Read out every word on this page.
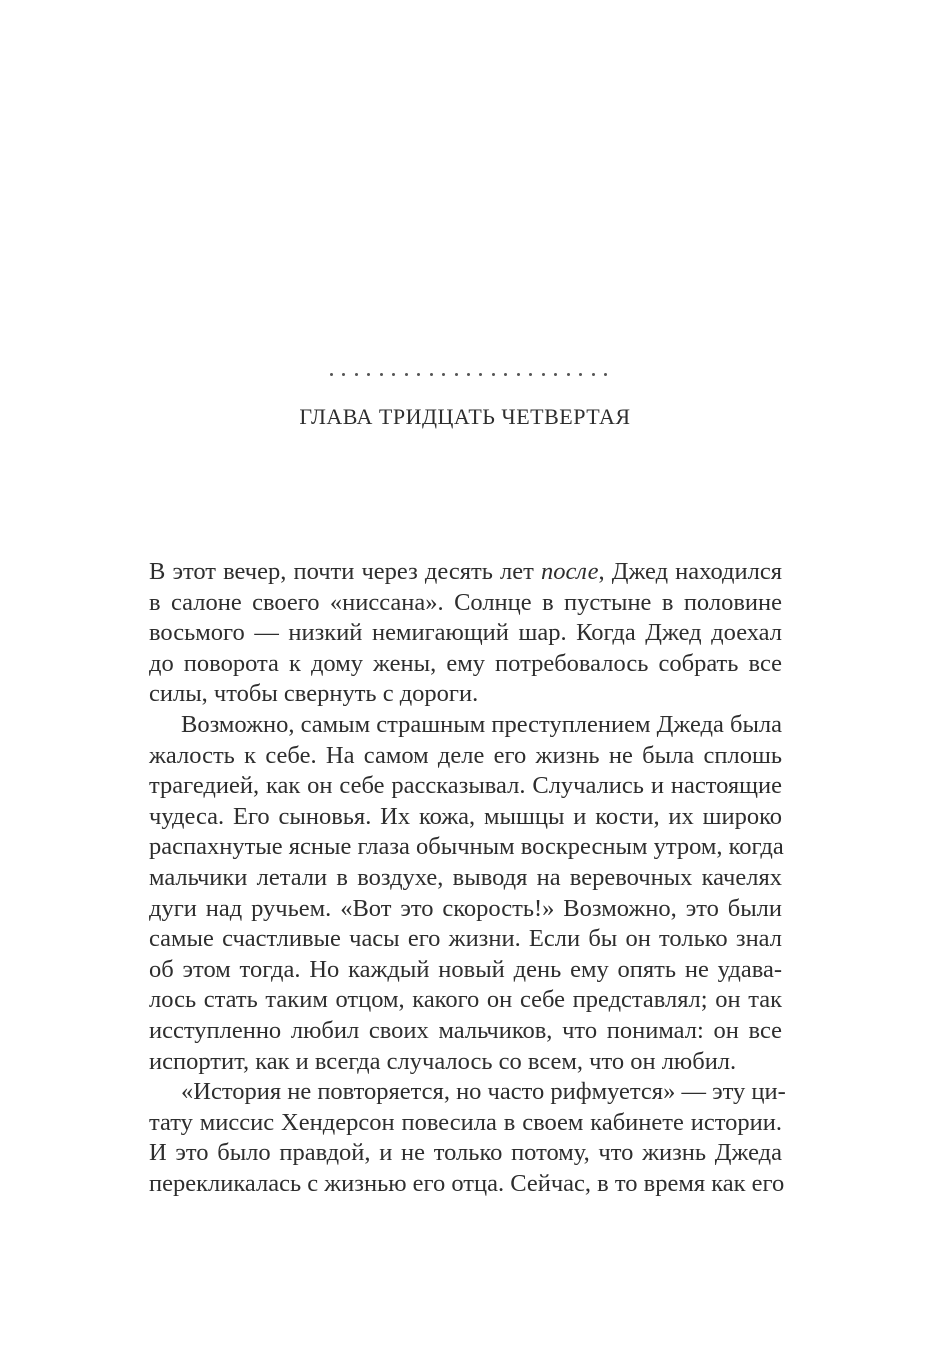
ГЛАВА ТРИДЦАТЬ ЧЕТВЕРТАЯ
В этот вечер, почти через десять лет после, Джед находился
в салоне своего «ниссана». Солнце в пустыне в половине
восьмого — низкий немигающий шар. Когда Джед доехал
до поворота к дому жены, ему потребовалось собрать все
силы, чтобы свернуть с дороги.
Возможно, самым страшным преступлением Джеда была
жалость к себе. На самом деле его жизнь не была сплошь
трагедией, как он себе рассказывал. Случались и настоящие
чудеса. Его сыновья. Их кожа, мышцы и кости, их широко
распахнутые ясные глаза обычным воскресным утром, когда
мальчики летали в воздухе, выводя на веревочных качелях
дуги над ручьем. «Вот это скорость!» Возможно, это были
самые счастливые часы его жизни. Если бы он только знал
об этом тогда. Но каждый новый день ему опять не удава-
лось стать таким отцом, какого он себе представлял; он так
исступленно любил своих мальчиков, что понимал: он все
испортит, как и всегда случалось со всем, что он любил.
«История не повторяется, но часто рифмуется» — эту ци-
тату миссис Хендерсон повесила в своем кабинете истории.
И это было правдой, и не только потому, что жизнь Джеда
перекликалась с жизнью его отца. Сейчас, в то время как его
